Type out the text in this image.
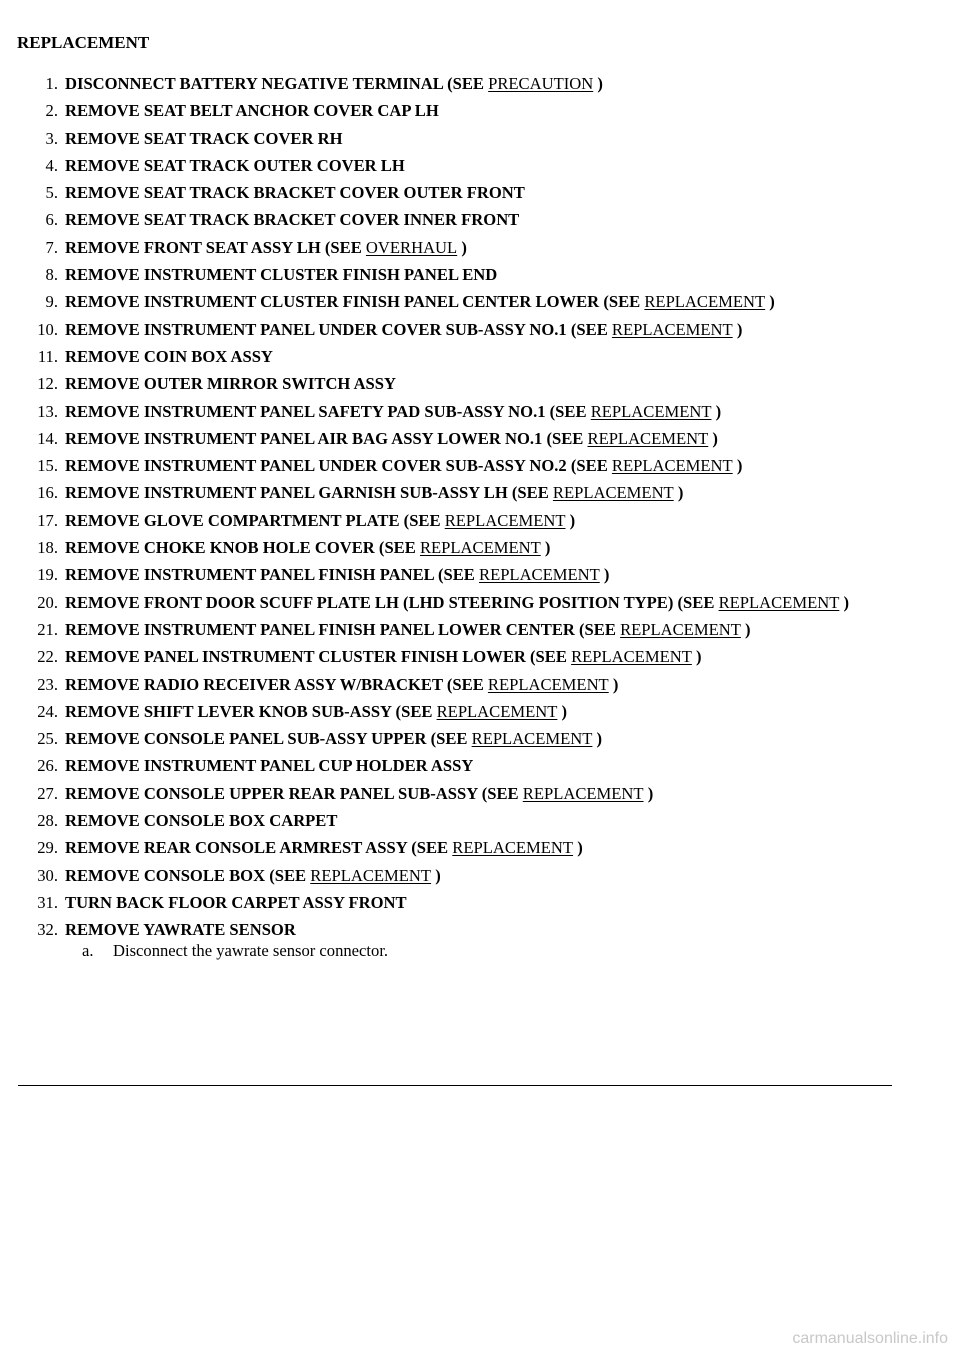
REPLACEMENT
1. DISCONNECT BATTERY NEGATIVE TERMINAL (SEE PRECAUTION )
2. REMOVE SEAT BELT ANCHOR COVER CAP LH
3. REMOVE SEAT TRACK COVER RH
4. REMOVE SEAT TRACK OUTER COVER LH
5. REMOVE SEAT TRACK BRACKET COVER OUTER FRONT
6. REMOVE SEAT TRACK BRACKET COVER INNER FRONT
7. REMOVE FRONT SEAT ASSY LH (SEE OVERHAUL )
8. REMOVE INSTRUMENT CLUSTER FINISH PANEL END
9. REMOVE INSTRUMENT CLUSTER FINISH PANEL CENTER LOWER (SEE REPLACEMENT )
10. REMOVE INSTRUMENT PANEL UNDER COVER SUB-ASSY NO.1 (SEE REPLACEMENT )
11. REMOVE COIN BOX ASSY
12. REMOVE OUTER MIRROR SWITCH ASSY
13. REMOVE INSTRUMENT PANEL SAFETY PAD SUB-ASSY NO.1 (SEE REPLACEMENT )
14. REMOVE INSTRUMENT PANEL AIR BAG ASSY LOWER NO.1 (SEE REPLACEMENT )
15. REMOVE INSTRUMENT PANEL UNDER COVER SUB-ASSY NO.2 (SEE REPLACEMENT )
16. REMOVE INSTRUMENT PANEL GARNISH SUB-ASSY LH (SEE REPLACEMENT )
17. REMOVE GLOVE COMPARTMENT PLATE (SEE REPLACEMENT )
18. REMOVE CHOKE KNOB HOLE COVER (SEE REPLACEMENT )
19. REMOVE INSTRUMENT PANEL FINISH PANEL (SEE REPLACEMENT )
20. REMOVE FRONT DOOR SCUFF PLATE LH (LHD STEERING POSITION TYPE) (SEE REPLACEMENT )
21. REMOVE INSTRUMENT PANEL FINISH PANEL LOWER CENTER (SEE REPLACEMENT )
22. REMOVE PANEL INSTRUMENT CLUSTER FINISH LOWER (SEE REPLACEMENT )
23. REMOVE RADIO RECEIVER ASSY W/BRACKET (SEE REPLACEMENT )
24. REMOVE SHIFT LEVER KNOB SUB-ASSY (SEE REPLACEMENT )
25. REMOVE CONSOLE PANEL SUB-ASSY UPPER (SEE REPLACEMENT )
26. REMOVE INSTRUMENT PANEL CUP HOLDER ASSY
27. REMOVE CONSOLE UPPER REAR PANEL SUB-ASSY (SEE REPLACEMENT )
28. REMOVE CONSOLE BOX CARPET
29. REMOVE REAR CONSOLE ARMREST ASSY (SEE REPLACEMENT )
30. REMOVE CONSOLE BOX (SEE REPLACEMENT )
31. TURN BACK FLOOR CARPET ASSY FRONT
32. REMOVE YAWRATE SENSOR
a. Disconnect the yawrate sensor connector.
carmanualsonline.info
